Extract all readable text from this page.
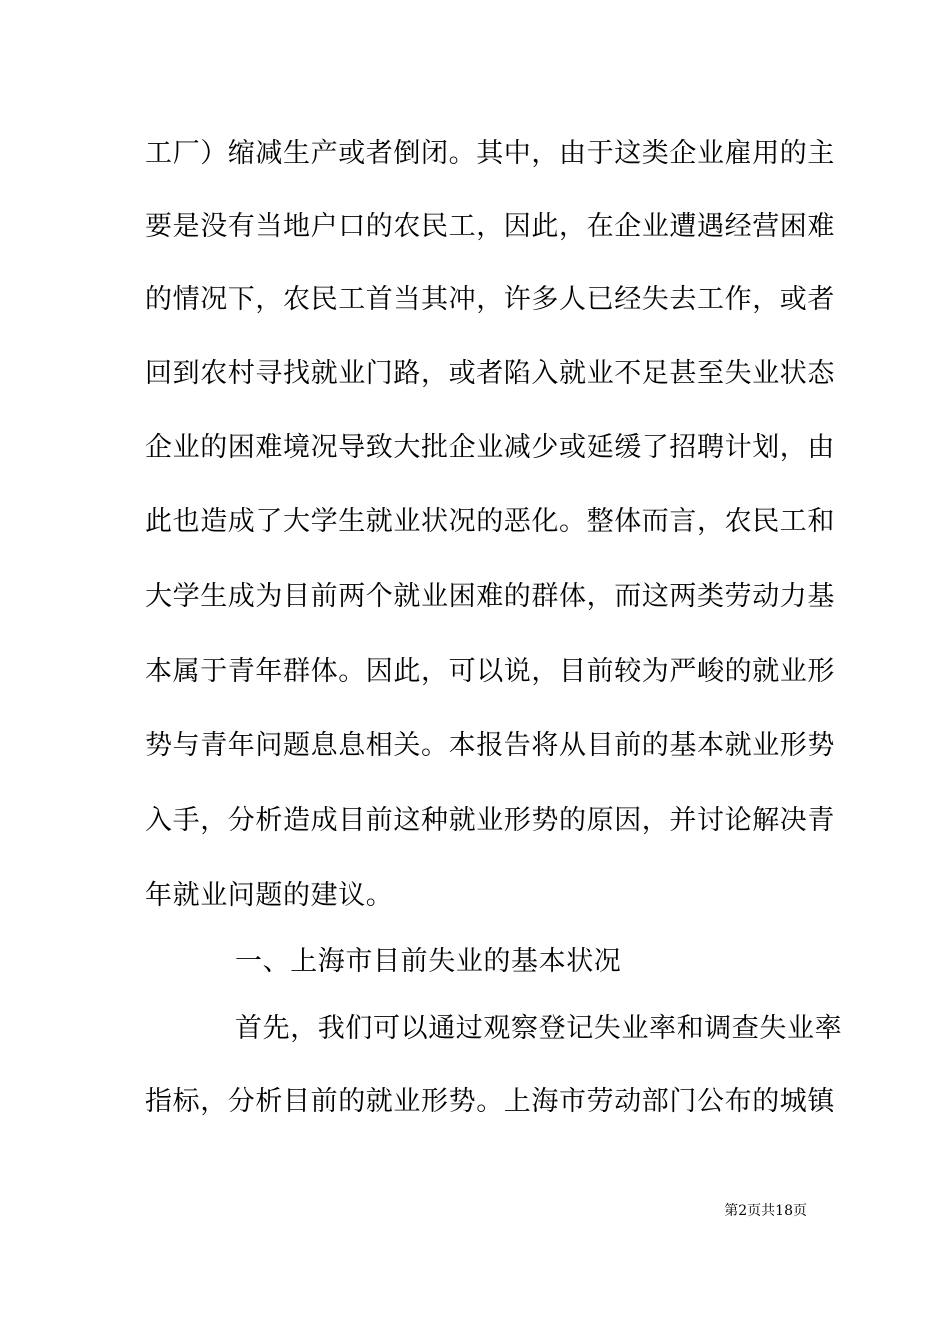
工厂）缩减生产或者倒闭。其中，由于这类企业雇用的主
要是没有当地户口的农民工，因此，在企业遭遇经营困难
的情况下，农民工首当其冲，许多人已经失去工作，或者
回到农村寻找就业门路，或者陷入就业不足甚至失业状态
企业的困难境况导致大批企业减少或延缓了招聘计划，由
此也造成了大学生就业状况的恶化。整体而言，农民工和
大学生成为目前两个就业困难的群体，而这两类劳动力基
本属于青年群体。因此，可以说，目前较为严峻的就业形
势与青年问题息息相关。本报告将从目前的基本就业形势
入手，分析造成目前这种就业形势的原因，并讨论解决青
年就业问题的建议。
一、上海市目前失业的基本状况
首先，我们可以通过观察登记失业率和调查失业率
指标，分析目前的就业形势。上海市劳动部门公布的城镇
第2页共18页
